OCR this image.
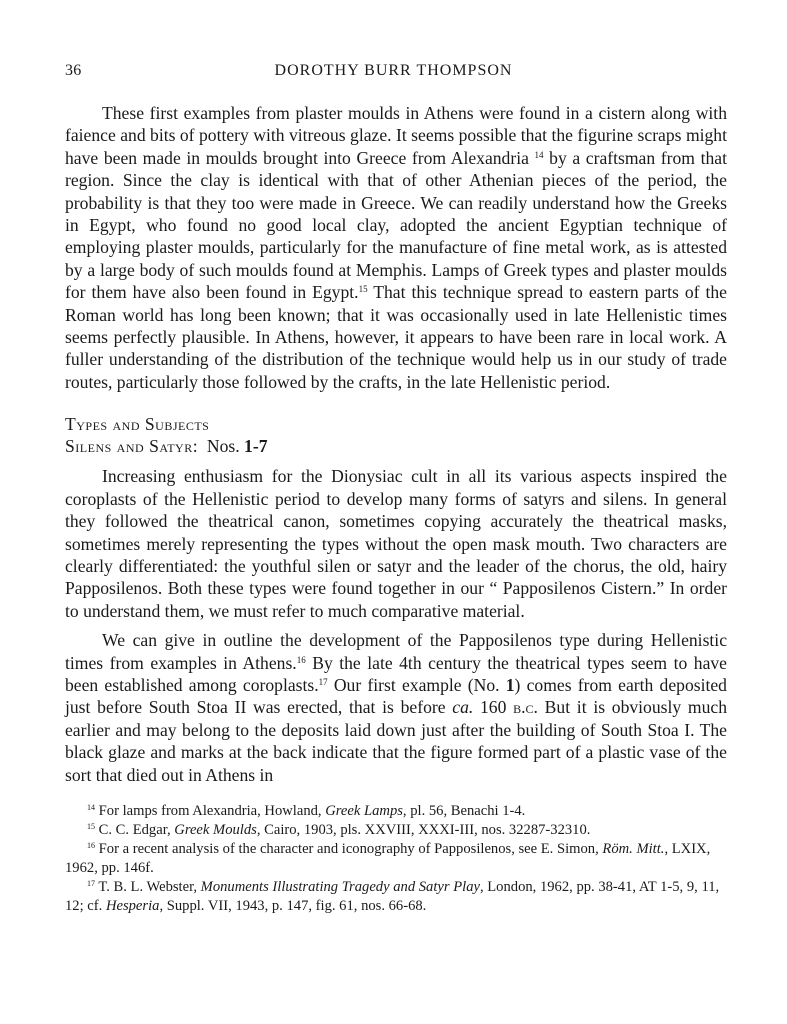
36	DOROTHY BURR THOMPSON

These first examples from plaster moulds in Athens were found in a cistern along with faience and bits of pottery with vitreous glaze. It seems possible that the figurine scraps might have been made in moulds brought into Greece from Alexandria $^{14}$ by a craftsman from that region. Since the clay is identical with that of other Athenian pieces of the period, the probability is that they too were made in Greece. We can readily understand how the Greeks in Egypt, who found no good local clay, adopted the ancient Egyptian technique of employing plaster moulds, particularly for the manufacture of fine metal work, as is attested by a large body of such moulds found at Memphis. Lamps of Greek types and plaster moulds for them have also been found in Egypt.$^{15}$ That this technique spread to eastern parts of the Roman world has long been known; that it was occasionally used in late Hellenistic times seems perfectly plausible. In Athens, however, it appears to have been rare in local work. A fuller understanding of the distribution of the technique would help us in our study of trade routes, particularly those followed by the crafts, in the late Hellenistic period.

Types and Subjects
Silens and Satyr: Nos. 1-7

Increasing enthusiasm for the Dionysiac cult in all its various aspects inspired the coroplasts of the Hellenistic period to develop many forms of satyrs and silens. In general they followed the theatrical canon, sometimes copying accurately the theatrical masks, sometimes merely representing the types without the open mask mouth. Two characters are clearly differentiated: the youthful silen or satyr and the leader of the chorus, the old, hairy Papposilenos. Both these types were found together in our “ Papposilenos Cistern.” In order to understand them, we must refer to much comparative material.

We can give in outline the development of the Papposilenos type during Hellenistic times from examples in Athens.$^{16}$ By the late 4th century the theatrical types seem to have been established among coroplasts.$^{17}$ Our first example (No. 1) comes from earth deposited just before South Stoa II was erected, that is before ca. 160 b.c. But it is obviously much earlier and may belong to the deposits laid down just after the building of South Stoa I. The black glaze and marks at the back indicate that the figure formed part of a plastic vase of the sort that died out in Athens in

$^{14}$ For lamps from Alexandria, Howland, Greek Lamps, pl. 56, Benachi 1-4.
$^{15}$ C. C. Edgar, Greek Moulds, Cairo, 1903, pls. XXVIII, XXXI-III, nos. 32287-32310.
$^{16}$ For a recent analysis of the character and iconography of Papposilenos, see E. Simon, Röm. Mitt., LXIX, 1962, pp. 146f.
$^{17}$ T. B. L. Webster, Monuments Illustrating Tragedy and Satyr Play, London, 1962, pp. 38-41, AT 1-5, 9, 11, 12; cf. Hesperia, Suppl. VII, 1943, p. 147, fig. 61, nos. 66-68.
